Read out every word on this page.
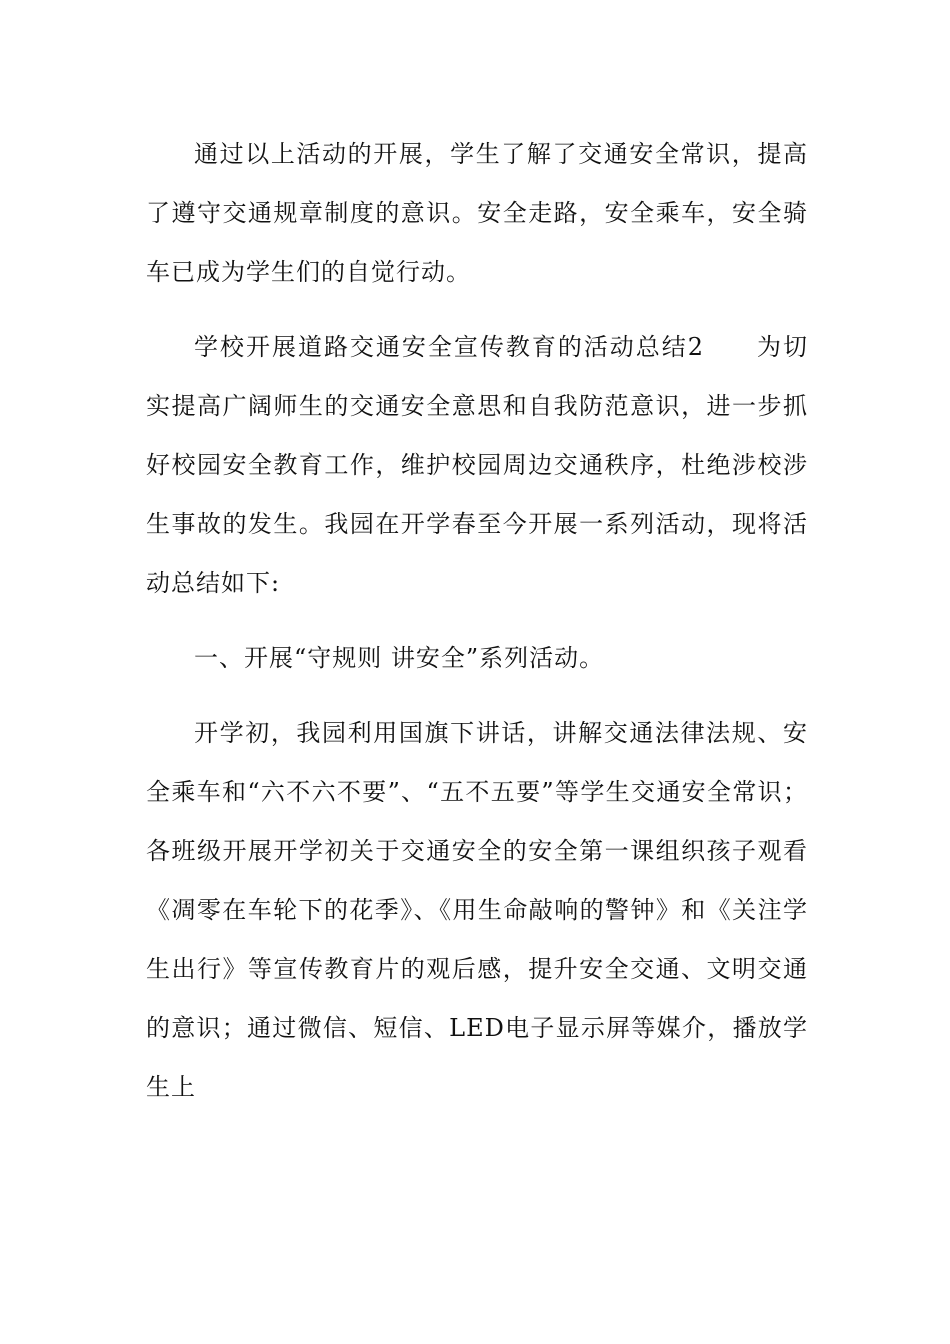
通过以上活动的开展，学生了解了交通安全常识，提高了遵守交通规章制度的意识。安全走路，安全乘车，安全骑车已成为学生们的自觉行动。

学校开展道路交通安全宣传教育的活动总结2　　为切实提高广阔师生的交通安全意思和自我防范意识，进一步抓好校园安全教育工作，维护校园周边交通秩序，杜绝涉校涉生事故的发生。我园在开学春至今开展一系列活动，现将活动总结如下:

一、开展“守规则 讲安全”系列活动。

开学初，我园利用国旗下讲话，讲解交通法律法规、安全乘车和“六不六不要”、“五不五要”等学生交通安全常识；各班级开展开学初关于交通安全的安全第一课组织孩子观看《凋零在车轮下的花季》、《用生命敲响的警钟》和《关注学生出行》等宣传教育片的观后感，提升安全交通、文明交通的意识；通过微信、短信、LED电子显示屏等媒介，播放学生上
